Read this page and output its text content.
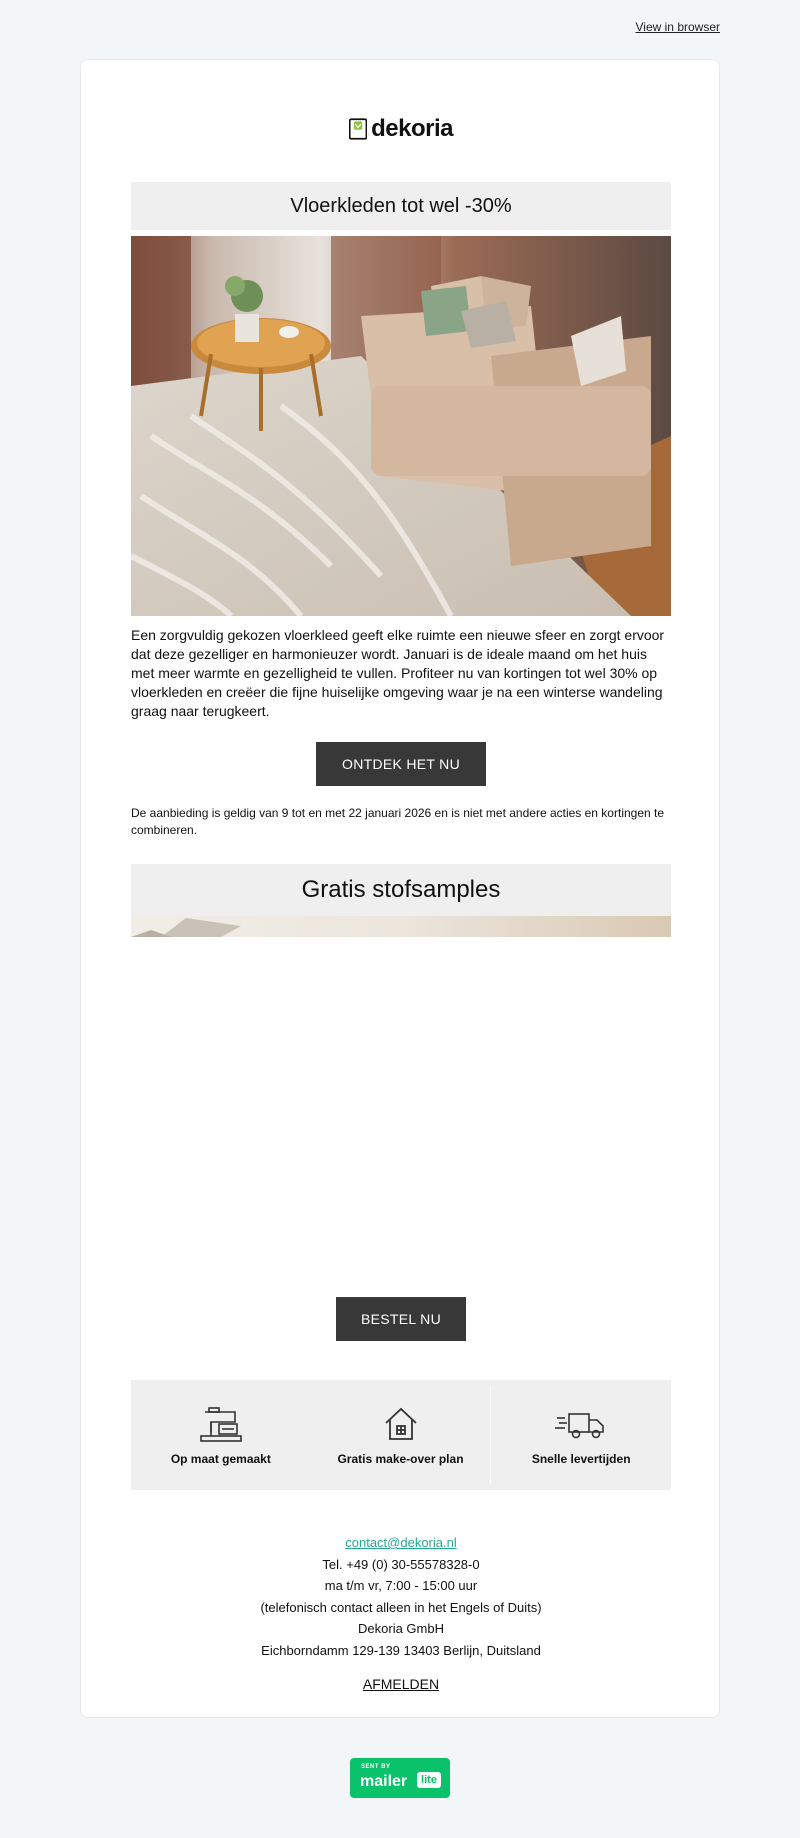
View in browser
dekoria
Vloerkleden tot wel -30%
Een zorgvuldig gekozen vloerkleed geeft elke ruimte een nieuwe sfeer en zorgt ervoor dat deze gezelliger en harmonieuzer wordt. Januari is de ideale maand om het huis met meer warmte en gezelligheid te vullen. Profiteer nu van kortingen tot wel 30% op vloerkleden en creëer die fijne huiselijke omgeving waar je na een winterse wandeling graag naar terugkeert.
ONTDEK HET NU
De aanbieding is geldig van 9 tot en met 22 januari 2026 en is niet met andere acties en kortingen te combineren.
Gratis stofsamples
BESTEL NU
Op maat gemaakt	Gratis make-over plan	Snelle levertijden
contact@dekoria.nl
Tel. +49 (0) 30-55578328-0
ma t/m vr, 7:00 - 15:00 uur
(telefonisch contact alleen in het Engels of Duits)
Dekoria GmbH
Eichborndamm 129-139 13403 Berlijn, Duitsland
AFMELDEN
SENT BY
mailer	lite
